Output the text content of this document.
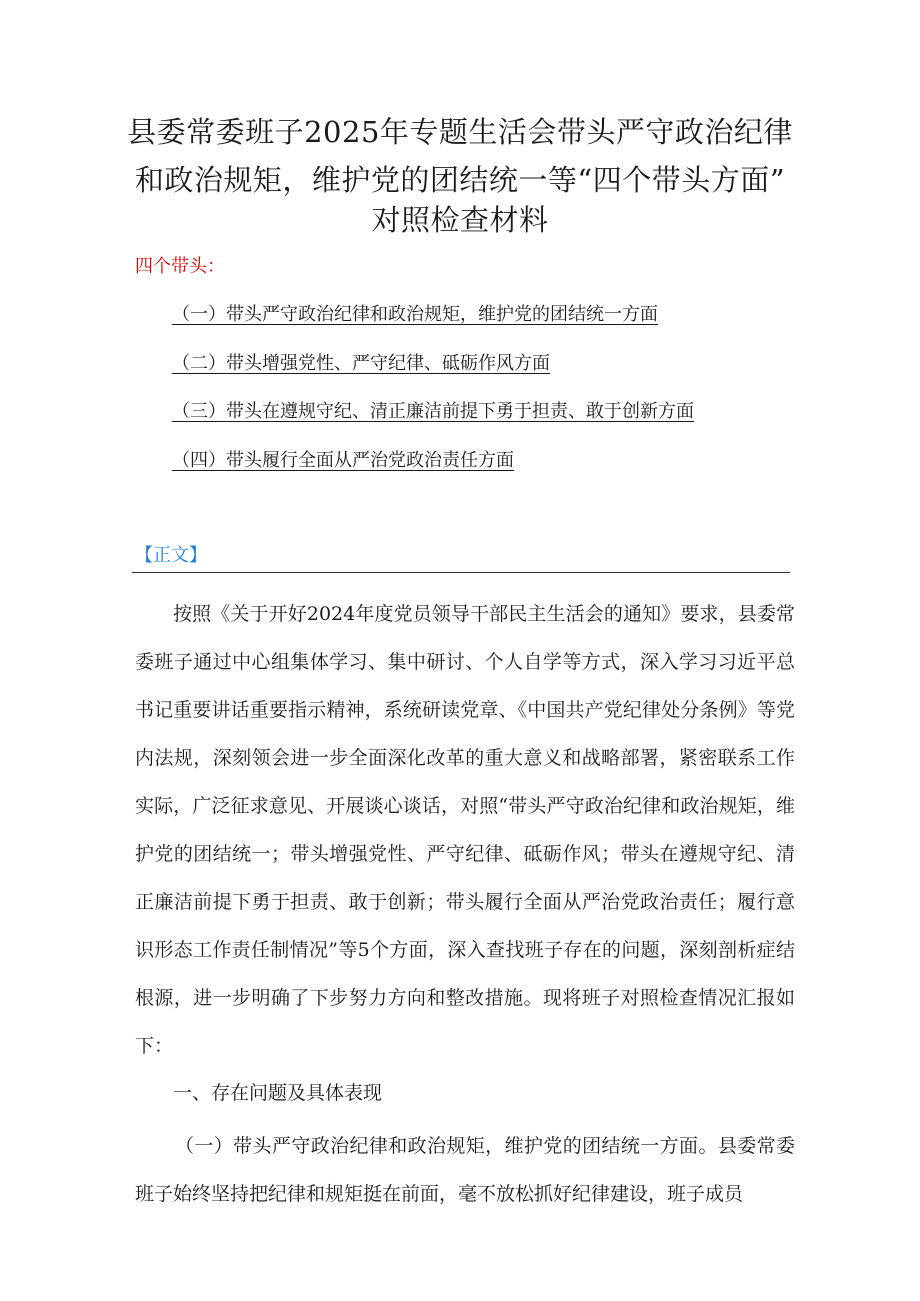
县委常委班子2025年专题生活会带头严守政治纪律
和政治规矩，维护党的团结统一等“四个带头方面”
对照检查材料
四个带头：
（一）带头严守政治纪律和政治规矩，维护党的团结统一方面
（二）带头增强党性、严守纪律、砥砺作风方面
（三）带头在遵规守纪、清正廉洁前提下勇于担责、敢于创新方面
（四）带头履行全面从严治党政治责任方面
【正文】

按照《关于开好2024年度党员领导干部民主生活会的通知》要求，县委常委班子通过中心组集体学习、集中研讨、个人自学等方式，深入学习习近平总书记重要讲话重要指示精神，系统研读党章、《中国共产党纪律处分条例》等党内法规，深刻领会进一步全面深化改革的重大意义和战略部署，紧密联系工作实际，广泛征求意见、开展谈心谈话，对照“带头严守政治纪律和政治规矩，维护党的团结统一；带头增强党性、严守纪律、砥砺作风；带头在遵规守纪、清正廉洁前提下勇于担责、敢于创新；带头履行全面从严治党政治责任；履行意识形态工作责任制情况”等5个方面，深入查找班子存在的问题，深刻剖析症结根源，进一步明确了下步努力方向和整改措施。现将班子对照检查情况汇报如下：

一、存在问题及具体表现

（一）带头严守政治纪律和政治规矩，维护党的团结统一方面。县委常委班子始终坚持把纪律和规矩挺在前面，毫不放松抓好纪律建设，班子成员
